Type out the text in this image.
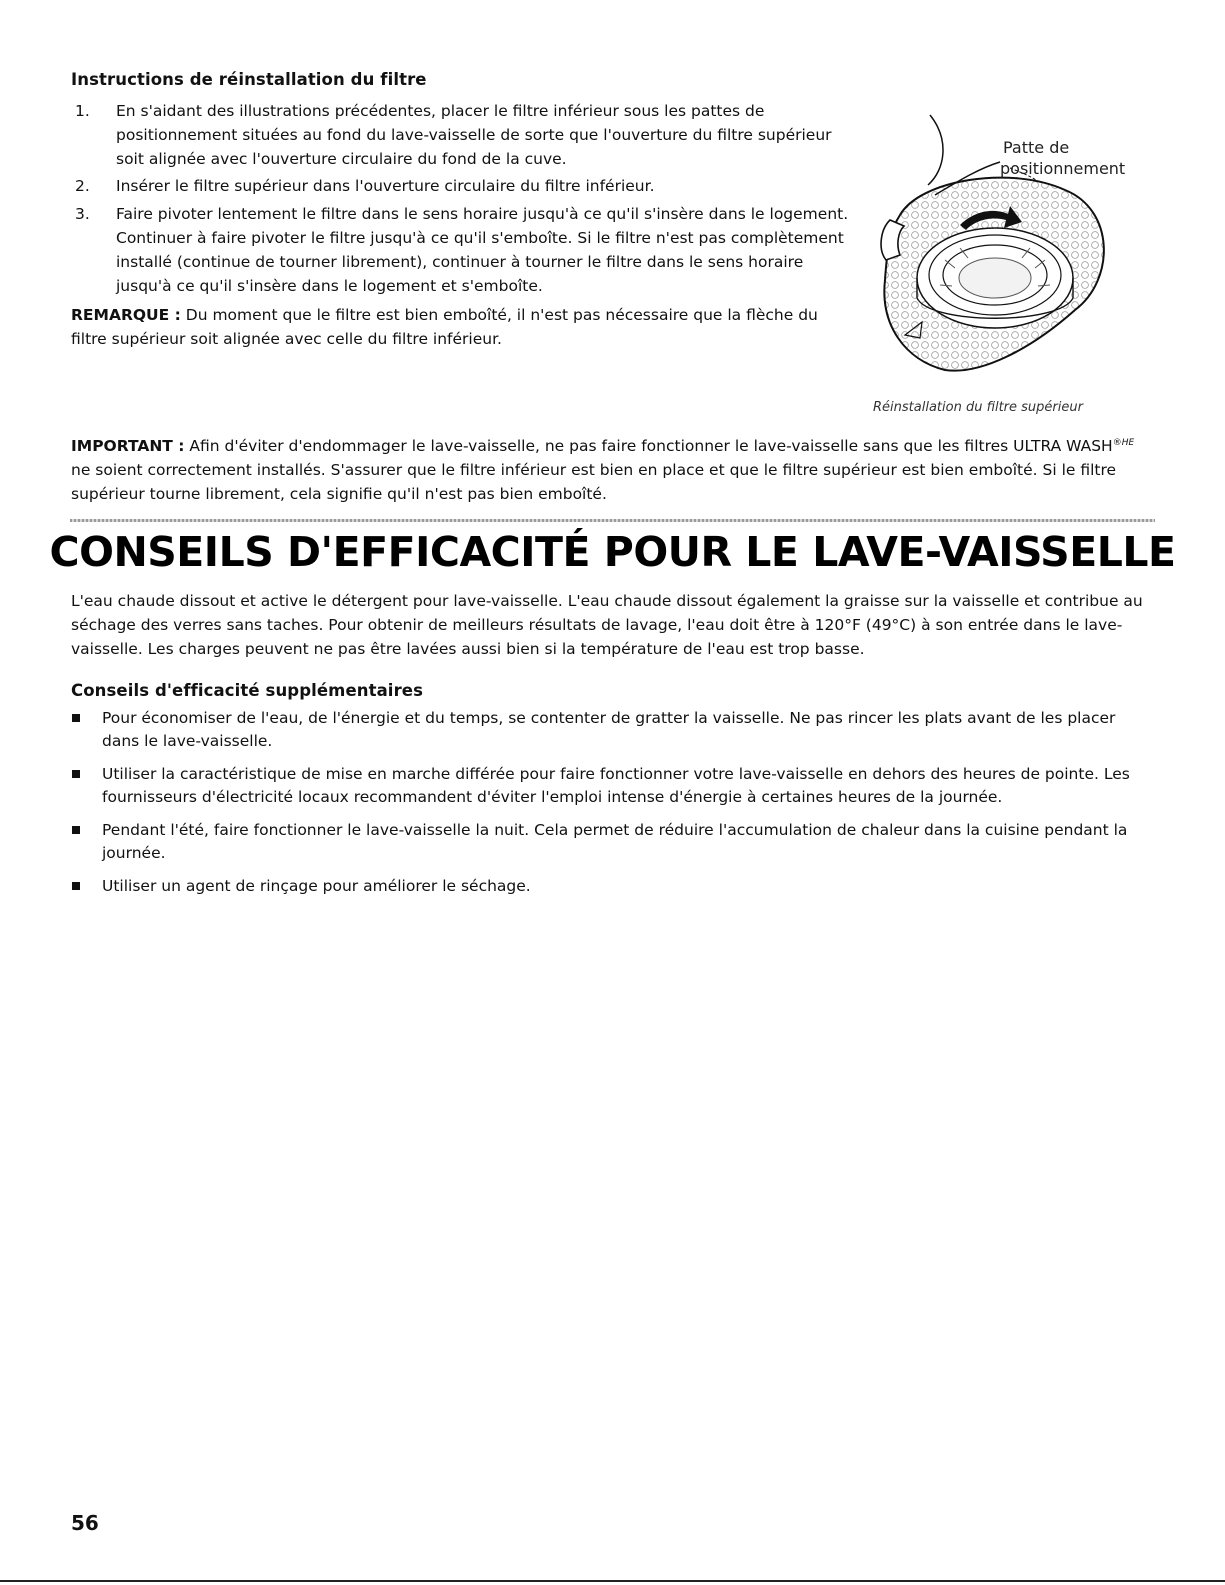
Instructions de réinstallation du filtre
1.	En s'aidant des illustrations précédentes, placer le filtre inférieur sous les pattes de positionnement situées au fond du lave-vaisselle de sorte que l'ouverture du filtre supérieur soit alignée avec l'ouverture circulaire du fond de la cuve.
2.	Insérer le filtre supérieur dans l'ouverture circulaire du filtre inférieur.
3.	Faire pivoter lentement le filtre dans le sens horaire jusqu'à ce qu'il s'insère dans le logement. Continuer à faire pivoter le filtre jusqu'à ce qu'il s'emboîte. Si le filtre n'est pas complètement installé (continue de tourner librement), continuer à tourner le filtre dans le sens horaire jusqu'à ce qu'il s'insère dans le logement et s'emboîte.
REMARQUE : Du moment que le filtre est bien emboîté, il n'est pas nécessaire que la flèche du filtre supérieur soit alignée avec celle du filtre inférieur.
Patte de
positionnement
Réinstallation du filtre supérieur
IMPORTANT : Afin d'éviter d'endommager le lave-vaisselle, ne pas faire fonctionner le lave-vaisselle sans que les filtres ULTRA $WASH^{®HE}$ ne soient correctement installés. S'assurer que le filtre inférieur est bien en place et que le filtre supérieur est bien emboîté. Si le filtre supérieur tourne librement, cela signifie qu'il n'est pas bien emboîté.
CONSEILS D'EFFICACITÉ POUR LE LAVE-VAISSELLE
L'eau chaude dissout et active le détergent pour lave-vaisselle. L'eau chaude dissout également la graisse sur la vaisselle et contribue au séchage des verres sans taches. Pour obtenir de meilleurs résultats de lavage, l'eau doit être à 120°F (49°C) à son entrée dans le lave-vaisselle. Les charges peuvent ne pas être lavées aussi bien si la température de l'eau est trop basse.
Conseils d'efficacité supplémentaires
Pour économiser de l'eau, de l'énergie et du temps, se contenter de gratter la vaisselle. Ne pas rincer les plats avant de les placer dans le lave-vaisselle.
Utiliser la caractéristique de mise en marche différée pour faire fonctionner votre lave-vaisselle en dehors des heures de pointe. Les fournisseurs d'électricité locaux recommandent d'éviter l'emploi intense d'énergie à certaines heures de la journée.
Pendant l'été, faire fonctionner le lave-vaisselle la nuit. Cela permet de réduire l'accumulation de chaleur dans la cuisine pendant la journée.
Utiliser un agent de rinçage pour améliorer le séchage.
56
